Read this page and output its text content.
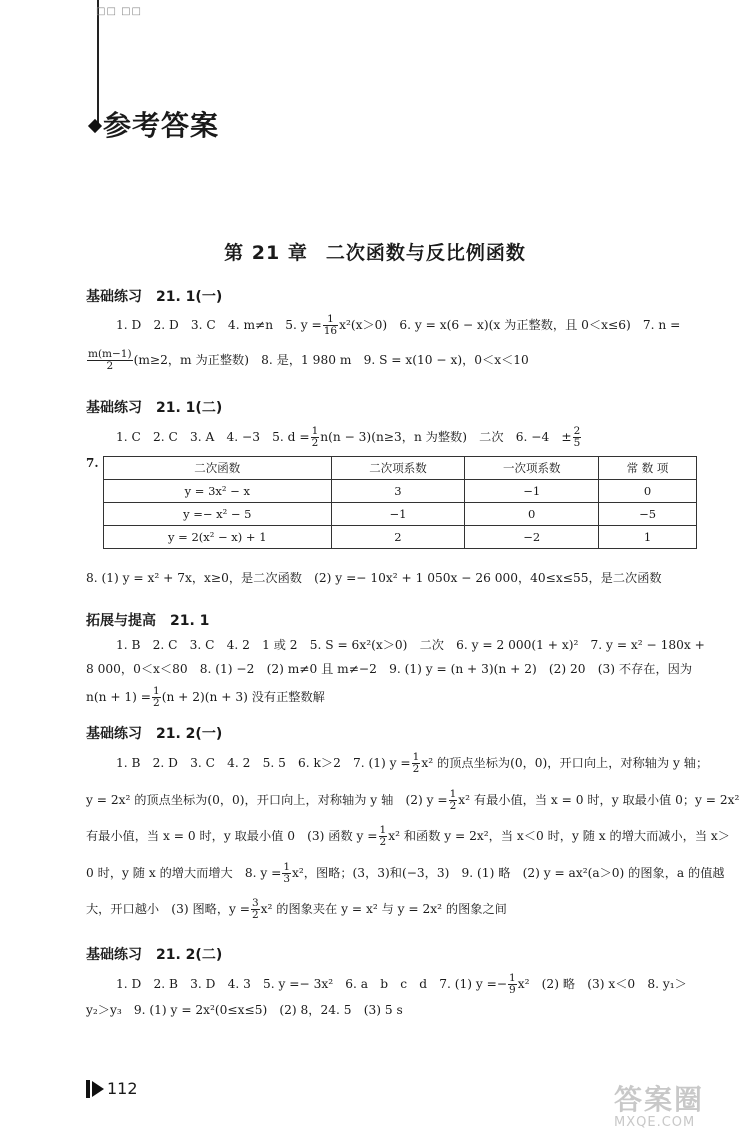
□□ □□
参考答案
第 21 章 二次函数与反比例函数
基础练习　21. 1(一)
1. D　2. D　3. C　4. m≠n　5. $y = \frac{1}{16} x^2(x>0)$　6. y = x(6 − x)(x 为正整数，且 0＜x≤6)　7. n =
$\frac{m(m-1)}{2} (m\ge 2$，m 为正整数)　8. 是，1 980 m　9. S = x(10 − x)，0＜x＜10
基础练习　21. 1(二)
1. C　2. C　3. A　4. −3　5. $d = \frac{1}{2} n(n - 3)(n\ge 3$，n 为整数)　二次　6. −4　± $\frac{2}{5}$
7.	二次函数	二次项系数	一次项系数	常 数 项
y = 3x² − x	3	−1	0
y =− x² − 5	−1	0	−5
y = 2(x² − x) + 1	2	−2	1
8. (1) y = x² + 7x，x≥0，是二次函数　(2) y =− 10x² + 1 050x − 26 000，40≤x≤55，是二次函数
拓展与提高　21. 1
1. B　2. C　3. C　4. 2　1 或 2　5. S = 6x²(x＞0)　二次　6. y = 2 000(1 + x)²　7. y = x² − 180x +
8 000，0＜x＜80　8. (1) −2　(2) m≠0 且 m≠−2　9. (1) y = (n + 3)(n + 2)　(2) 20　(3) 不存在，因为
$n(n + 1) = \frac{1}{2} (n + 2)(n + 3)$ 没有正整数解
基础练习　21. 2(一)
1. B　2. D　3. C　4. 2　5. 5　6. k＞2　7. (1) $y = \frac{1}{2} x^2$ 的顶点坐标为(0，0)，开口向上，对称轴为 y 轴；
y = 2x² 的顶点坐标为(0，0)，开口向上，对称轴为 y 轴　(2) $y = \frac{1}{2} x^2$ 有最小值，当 x = 0 时，y 取最小值 0；y = 2x²
有最小值，当 x = 0 时，y 取最小值 0　(3) 函数 $y = \frac{1}{2} x^2$ 和函数 y = 2x²，当 x＜0 时，y 随 x 的增大而减小，当 x＞
0 时，y 随 x 的增大而增大　8. $y = \frac{1}{3} x^2$，图略；(3，3)和(−3，3)　9. (1) 略　(2) y = ax²(a＞0) 的图象，a 的值越
大，开口越小　(3) 图略，$y = \frac{3}{2} x^2$ 的图象夹在 y = x² 与 y = 2x² 的图象之间
基础练习　21. 2(二)
1. D　2. B　3. D　4. 3　5. y =− 3x²　6. a　b　c　d　7. (1) $y =- \frac{1}{9} x^2$　(2) 略　(3) x＜0　8. y₁＞
y₂＞y₃　9. (1) y = 2x²(0≤x≤5)　(2) 8，24. 5　(3) 5 s
112	答案圈
MXQE.COM
